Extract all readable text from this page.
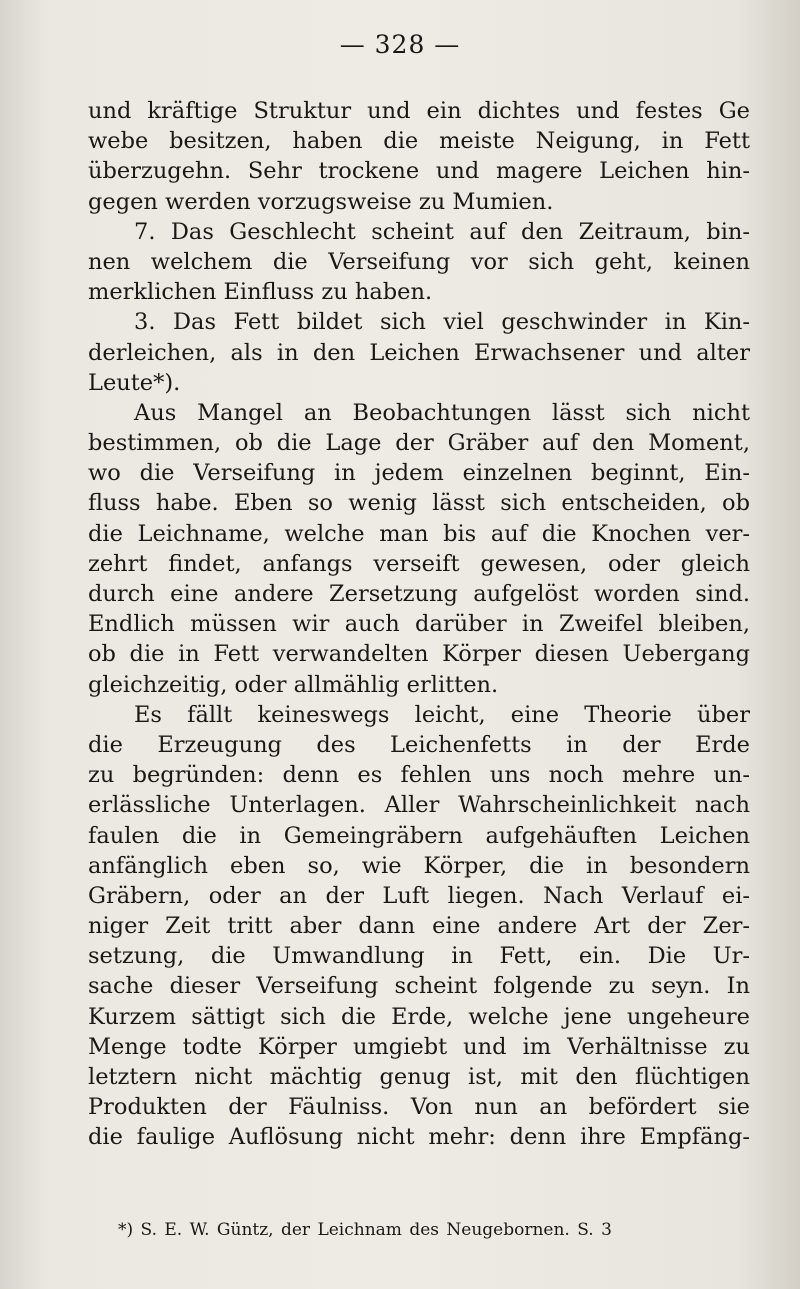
— 328 —
und kräftige Struktur und ein dichtes und festes Ge
webe besitzen, haben die meiste Neigung, in Fett
überzugehn. Sehr trockene und magere Leichen hin-
gegen werden vorzugsweise zu Mumien.
7. Das Geschlecht scheint auf den Zeitraum, bin-
nen welchem die Verseifung vor sich geht, keinen
merklichen Einfluss zu haben.
3. Das Fett bildet sich viel geschwinder in Kin-
derleichen, als in den Leichen Erwachsener und alter
Leute*).
Aus Mangel an Beobachtungen lässt sich nicht
bestimmen, ob die Lage der Gräber auf den Moment,
wo die Verseifung in jedem einzelnen beginnt, Ein-
fluss habe. Eben so wenig lässt sich entscheiden, ob
die Leichname, welche man bis auf die Knochen ver-
zehrt findet, anfangs verseift gewesen, oder gleich
durch eine andere Zersetzung aufgelöst worden sind.
Endlich müssen wir auch darüber in Zweifel bleiben,
ob die in Fett verwandelten Körper diesen Uebergang
gleichzeitig, oder allmählig erlitten.
Es fällt keineswegs leicht, eine Theorie über
die Erzeugung des Leichenfetts in der Erde
zu begründen: denn es fehlen uns noch mehre un-
erlässliche Unterlagen. Aller Wahrscheinlichkeit nach
faulen die in Gemeingräbern aufgehäuften Leichen
anfänglich eben so, wie Körper, die in besondern
Gräbern, oder an der Luft liegen. Nach Verlauf ei-
niger Zeit tritt aber dann eine andere Art der Zer-
setzung, die Umwandlung in Fett, ein. Die Ur-
sache dieser Verseifung scheint folgende zu seyn. In
Kurzem sättigt sich die Erde, welche jene ungeheure
Menge todte Körper umgiebt und im Verhältnisse zu
letztern nicht mächtig genug ist, mit den flüchtigen
Produkten der Fäulniss. Von nun an befördert sie
die faulige Auflösung nicht mehr: denn ihre Empfäng-
*) S. E. W. Güntz, der Leichnam des Neugebornen. S. 3
